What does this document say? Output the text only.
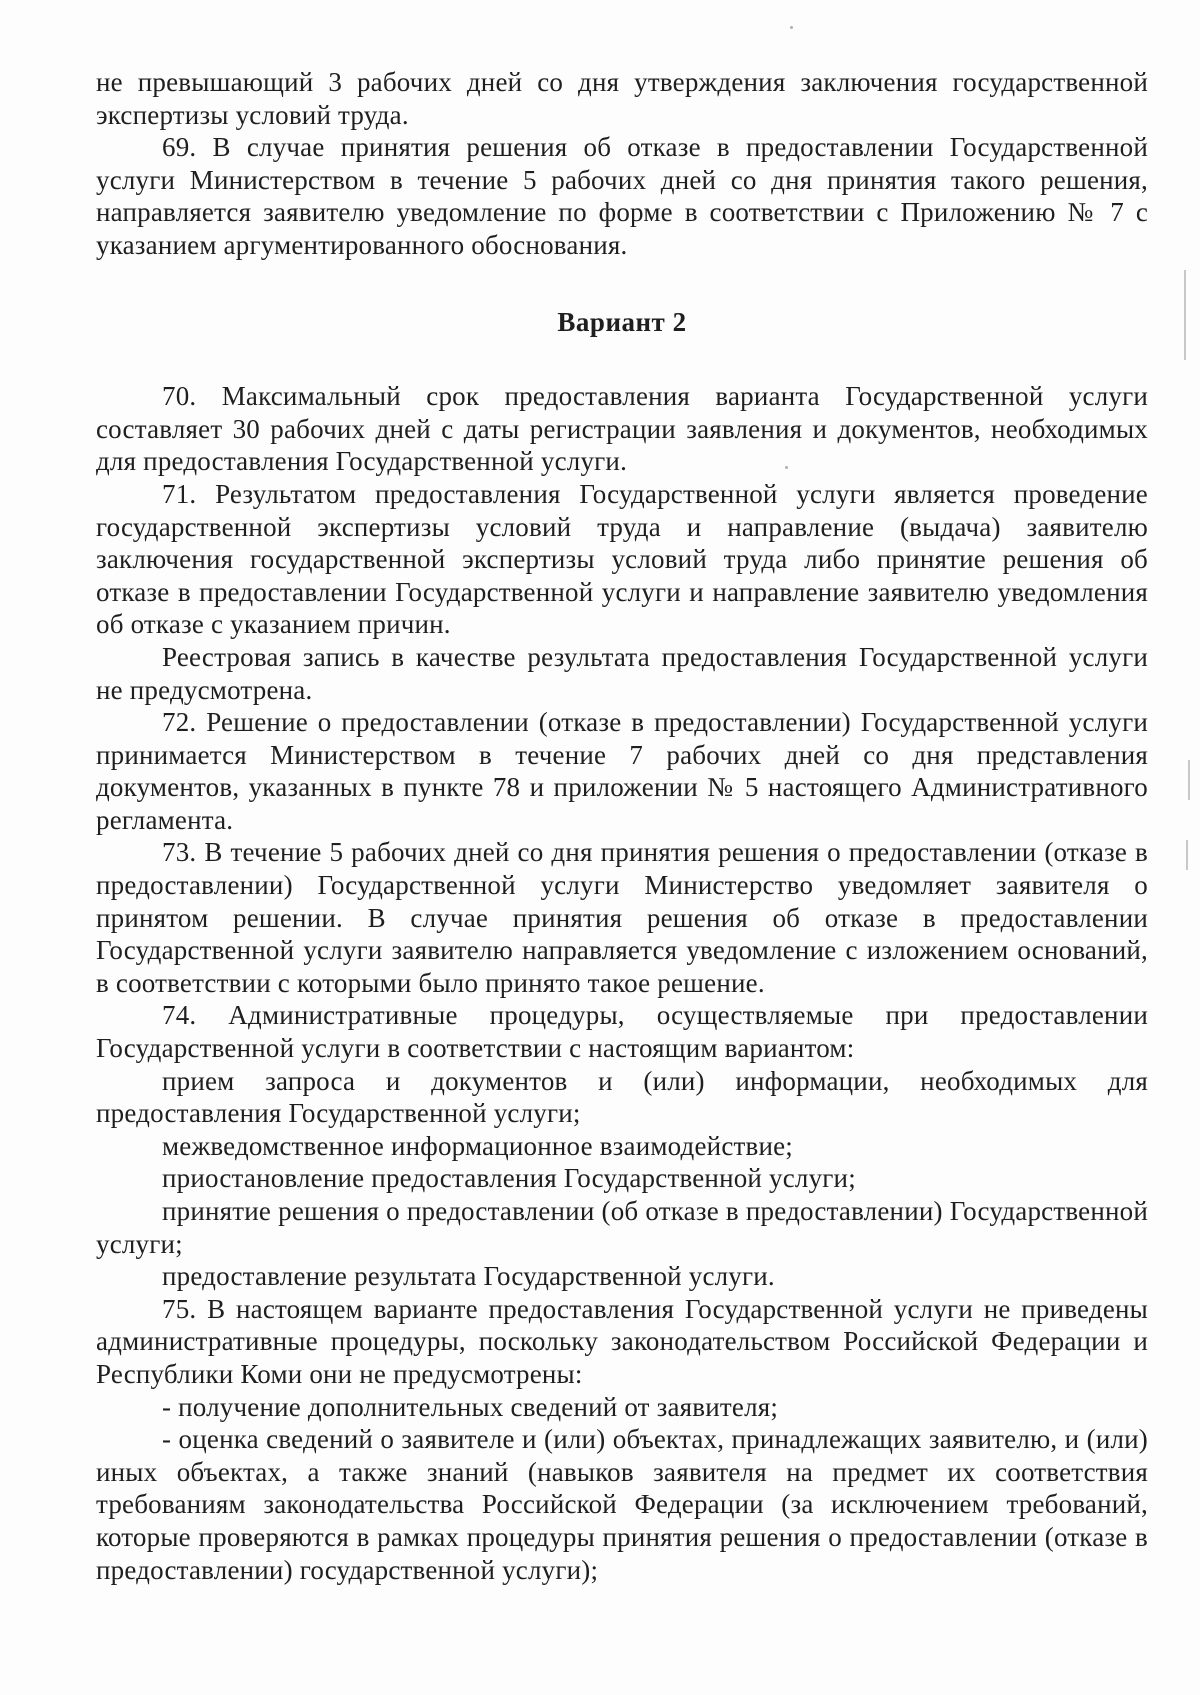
не превышающий 3 рабочих дней со дня утверждения заключения государственной экспертизы условий труда.

69. В случае принятия решения об отказе в предоставлении Государственной услуги Министерством в течение 5 рабочих дней со дня принятия такого решения, направляется заявителю уведомление по форме в соответствии с Приложению № 7 с указанием аргументированного обоснования.

Вариант 2

70. Максимальный срок предоставления варианта Государственной услуги составляет 30 рабочих дней с даты регистрации заявления и документов, необходимых для предоставления Государственной услуги.

71. Результатом предоставления Государственной услуги является проведение государственной экспертизы условий труда и направление (выдача) заявителю заключения государственной экспертизы условий труда либо принятие решения об отказе в предоставлении Государственной услуги и направление заявителю уведомления об отказе с указанием причин.

Реестровая запись в качестве результата предоставления Государственной услуги не предусмотрена.

72. Решение о предоставлении (отказе в предоставлении) Государственной услуги принимается Министерством в течение 7 рабочих дней со дня представления документов, указанных в пункте 78 и приложении № 5 настоящего Административного регламента.

73. В течение 5 рабочих дней со дня принятия решения о предоставлении (отказе в предоставлении) Государственной услуги Министерство уведомляет заявителя о принятом решении. В случае принятия решения об отказе в предоставлении Государственной услуги заявителю направляется уведомление с изложением оснований, в соответствии с которыми было принято такое решение.

74. Административные процедуры, осуществляемые при предоставлении Государственной услуги в соответствии с настоящим вариантом:

прием запроса и документов и (или) информации, необходимых для предоставления Государственной услуги;

межведомственное информационное взаимодействие;

приостановление предоставления Государственной услуги;

принятие решения о предоставлении (об отказе в предоставлении) Государственной услуги;

предоставление результата Государственной услуги.

75. В настоящем варианте предоставления Государственной услуги не приведены административные процедуры, поскольку законодательством Российской Федерации и Республики Коми они не предусмотрены:

- получение дополнительных сведений от заявителя;

- оценка сведений о заявителе и (или) объектах, принадлежащих заявителю, и (или) иных объектах, а также знаний (навыков заявителя на предмет их соответствия требованиям законодательства Российской Федерации (за исключением требований, которые проверяются в рамках процедуры принятия решения о предоставлении (отказе в предоставлении) государственной услуги);
